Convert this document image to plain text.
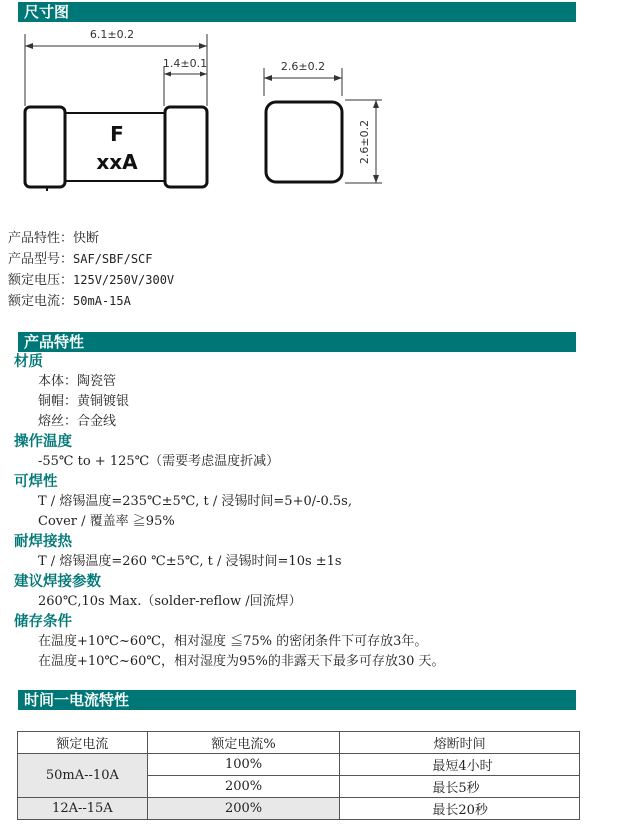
尺寸图
6.1±0.2
1.4±0.1
F
xxA
2.6±0.2
2.6±0.2
产品特性：快断
产品型号：SAF/SBF/SCF
额定电压：125V/250V/300V
额定电流：50mA-15A
产品特性
材质
本体：陶瓷管
铜帽：黄铜镀银
熔丝：合金线
操作温度
-55℃ to + 125℃（需要考虑温度折减）
可焊性
T / 熔锡温度=235℃±5℃, t / 浸锡时间=5+0/-0.5s,
Cover / 覆盖率 ≧95%
耐焊接热
T / 熔锡温度=260 ℃±5℃, t / 浸锡时间=10s ±1s
建议焊接参数
260℃,10s Max.（solder-reflow /回流焊）
储存条件
在温度+10℃~60℃，相对湿度 ≦75% 的密闭条件下可存放3年。
在温度+10℃~60℃，相对湿度为95%的非露天下最多可存放30 天。
时间一电流特性
额定电流	额定电流%	熔断时间
50mA--10A	100%	最短4小时
	200%	最长5秒
12A--15A	200%	最长20秒
